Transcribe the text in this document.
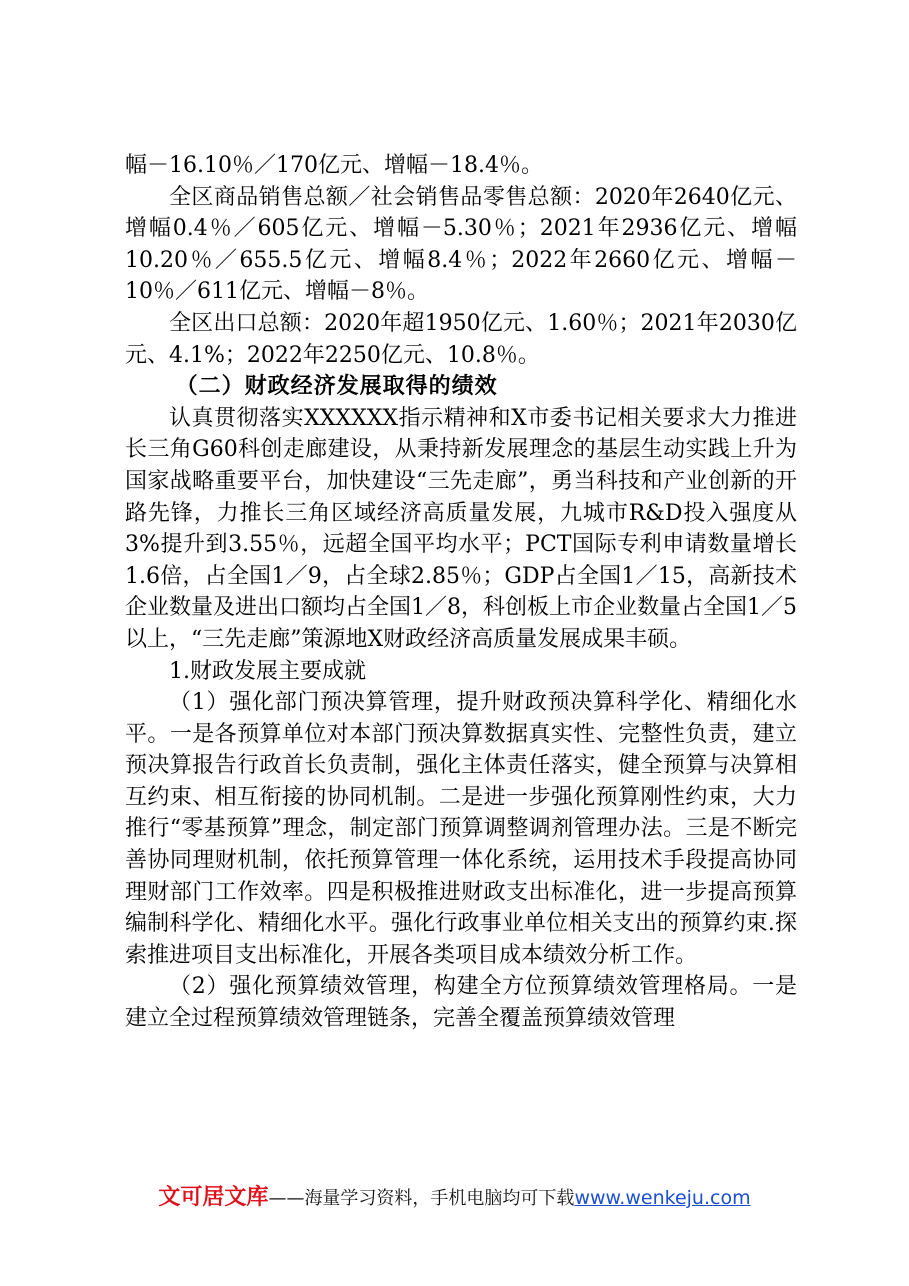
幅－16.10％／170亿元、增幅－18.4％。

全区商品销售总额／社会销售品零售总额：2020年2640亿元、增幅0.4％／605亿元、增幅－5.30％；2021年2936亿元、增幅10.20％／655.5亿元、增幅8.4％；2022年2660亿元、增幅－10％／611亿元、增幅－8％。

全区出口总额：2020年超1950亿元、1.60％；2021年2030亿元、4.1%；2022年2250亿元、10.8％。

（二）财政经济发展取得的绩效

认真贯彻落实XXXXXX指示精神和X市委书记相关要求大力推进长三角G60科创走廊建设，从秉持新发展理念的基层生动实践上升为国家战略重要平台，加快建设“三先走廊”，勇当科技和产业创新的开路先锋，力推长三角区域经济高质量发展，九城市R&D投入强度从3%提升到3.55％，远超全国平均水平；PCT国际专利申请数量增长1.6倍，占全国1／9，占全球2.85％；GDP占全国1／15，高新技术企业数量及进出口额均占全国1／8，科创板上市企业数量占全国1／5以上，“三先走廊”策源地X财政经济高质量发展成果丰硕。

1.财政发展主要成就

（1）强化部门预决算管理，提升财政预决算科学化、精细化水平。一是各预算单位对本部门预决算数据真实性、完整性负责，建立预决算报告行政首长负责制，强化主体责任落实，健全预算与决算相互约束、相互衔接的协同机制。二是进一步强化预算刚性约束，大力推行“零基预算”理念，制定部门预算调整调剂管理办法。三是不断完善协同理财机制，依托预算管理一体化系统，运用技术手段提高协同理财部门工作效率。四是积极推进财政支出标准化，进一步提高预算编制科学化、精细化水平。强化行政事业单位相关支出的预算约束.探索推进项目支出标准化，开展各类项目成本绩效分析工作。

（2）强化预算绩效管理，构建全方位预算绩效管理格局。一是建立全过程预算绩效管理链条，完善全覆盖预算绩效管理

文可居文库——海量学习资料，手机电脑均可下载www.wenkeju.com
